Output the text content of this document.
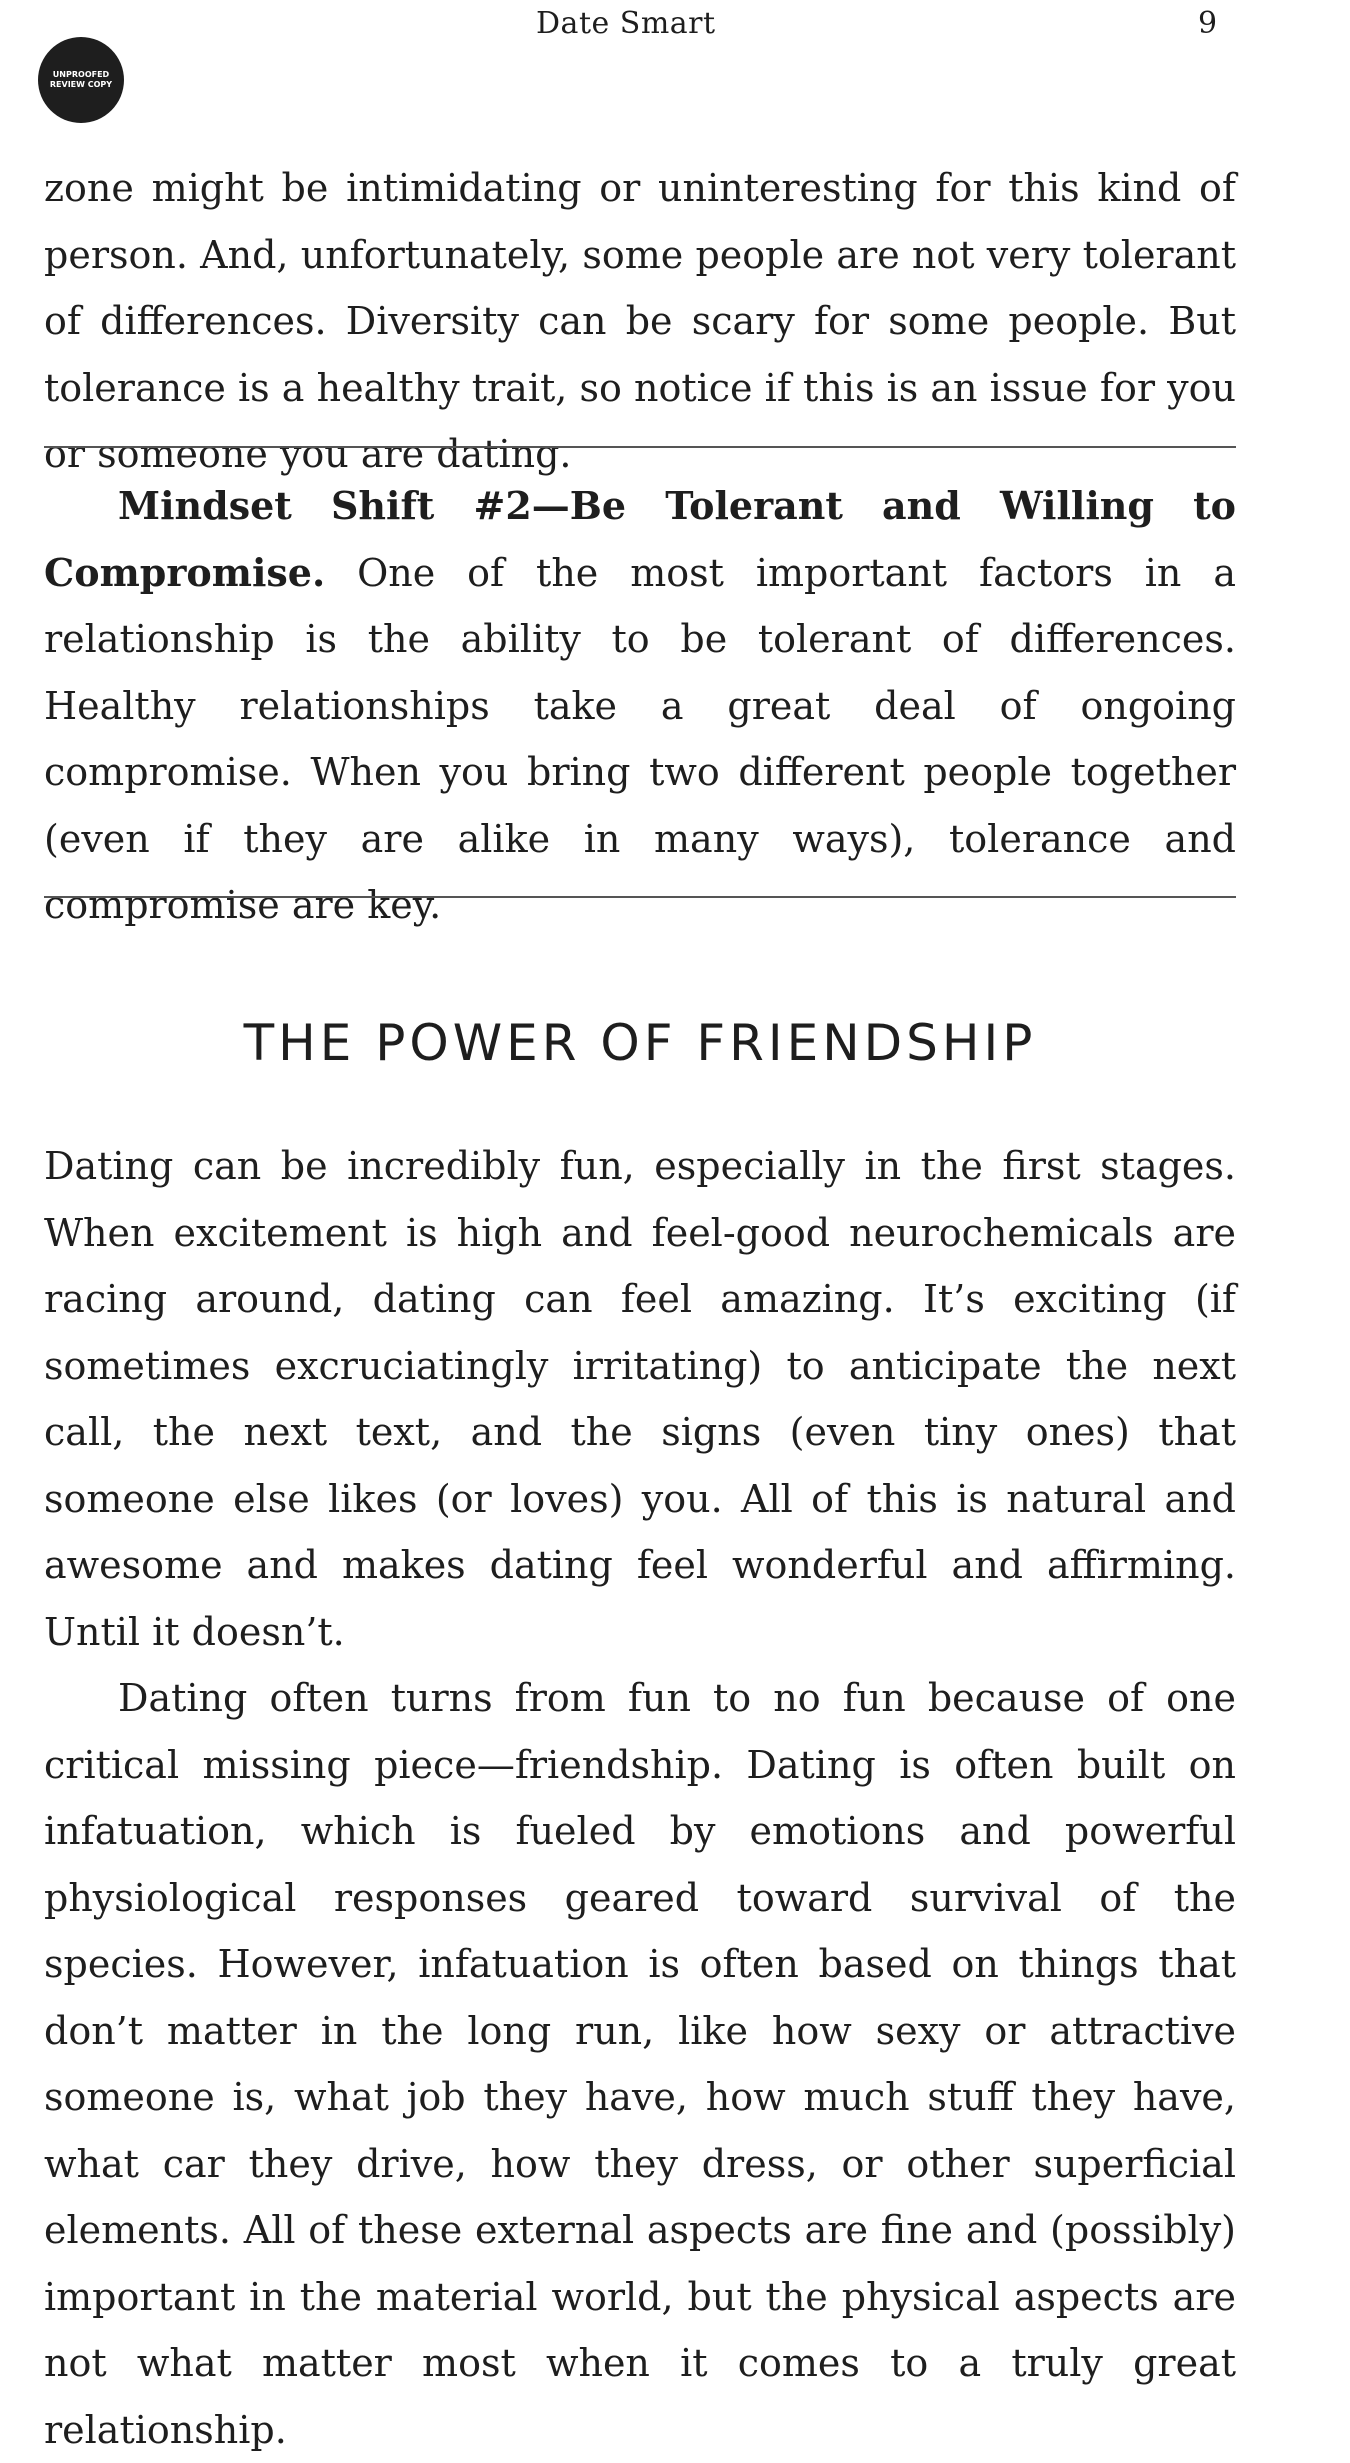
Date Smart	9
UNPROOFED
REVIEW COPY

zone might be intimidating or uninteresting for this kind of person. And, unfortunately, some people are not very tolerant of differences. Diversity can be scary for some people. But tolerance is a healthy trait, so notice if this is an issue for you or someone you are dating.

Mindset Shift #2—Be Tolerant and Willing to Compromise. One of the most important factors in a relationship is the ability to be tolerant of differences. Healthy relationships take a great deal of ongoing compromise. When you bring two different people together (even if they are alike in many ways), tolerance and compromise are key.

THE POWER OF FRIENDSHIP

Dating can be incredibly fun, especially in the first stages. When excitement is high and feel-good neurochemicals are racing around, dating can feel amazing. It’s exciting (if sometimes excruciatingly irritating) to anticipate the next call, the next text, and the signs (even tiny ones) that someone else likes (or loves) you. All of this is natural and awesome and makes dating feel wonderful and affirming. Until it doesn’t.

Dating often turns from fun to no fun because of one critical missing piece—friendship. Dating is often built on infatuation, which is fueled by emotions and powerful physiological responses geared toward survival of the species. However, infatuation is often based on things that don’t matter in the long run, like how sexy or attractive someone is, what job they have, how much stuff they have, what car they drive, how they dress, or other superficial elements. All of these external aspects are fine and (possibly) important in the material world, but the physical aspects are not what matter most when it comes to a truly great relationship.
